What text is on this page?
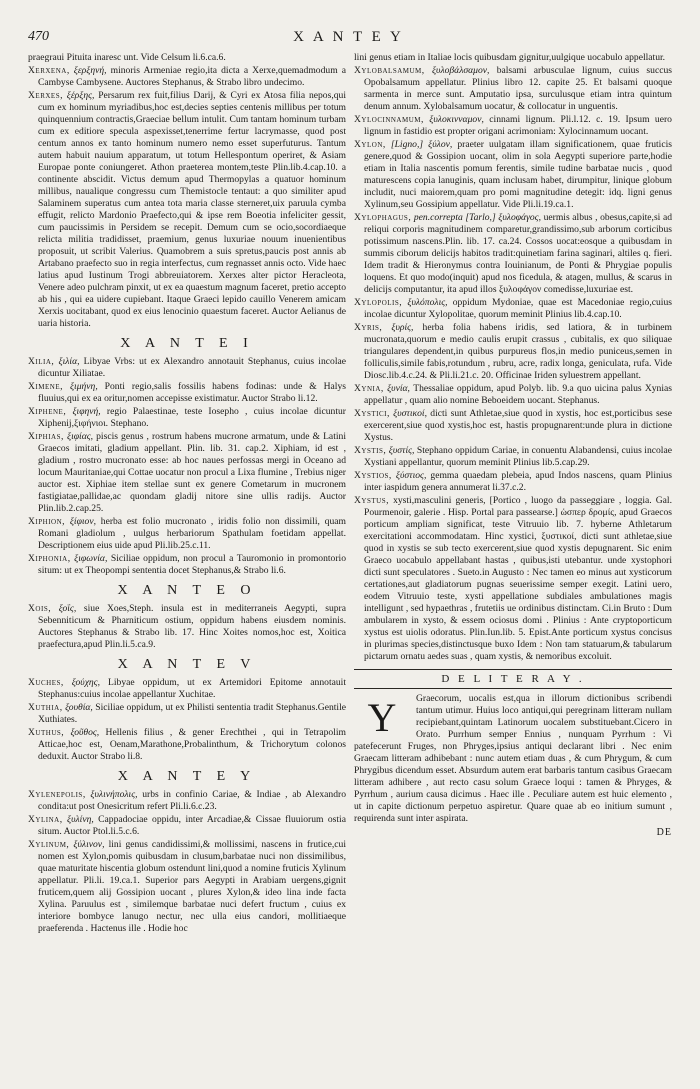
470	X A N T E Y
praegraui Pituita inaresc unt. Vide Celsum li.6.ca.6.
Xerxena, ξερξηνή, minoris Armeniae regio,ita dicta a Xerxe,quemadmodum a Cambyse Cambysene. Auctores Stephanus, & Strabo libro undecimo.
Xerxes, ξέρξης, Persarum rex fuit,filius Darij, & Cyri ex Atosa filia nepos,qui cum ex hominum myriadibus,hoc est,decies septies centenis millibus per totum quinquennium contractis,Graeciae bellum intulit. Cum tantam hominum turbam cum ex editiore specula aspexisset,tenerrime fertur lacrymasse, quod post centum annos ex tanto hominum numero nemo esset superfuturus. Tantum autem habuit nauium apparatum, ut totum Hellespontum operiret, & Asiam Europae ponte coniungeret. Athon praeterea montem,teste Plin.lib.4.cap.10. a continente abscidit. Victus demum apud Thermopylas a quatuor hominum millibus, naualique congressu cum Themistocle tentaut: a quo similiter apud Salaminem superatus cum antea tota maria classe sterneret,uix paruula cymba effugit, relicto Mardonio Praefecto,qui & ipse rem Boeotia infeliciter gessit, cum paucissimis in Persidem se recepit. Demum cum se ocio,socordiaeque relicta militia tradidisset, praemium, genus luxuriae nouum inuenientibus proposuit, ut scribit Valerius. Quamobrem a suis spretus,paucis post annis ab Artabano praefecto suo in regia interfectus, cum regnasset annis octo. Vide haec latius apud Iustinum Trogi abbreuiatorem. Xerxes alter pictor Heracleota, Venere adeo pulchram pinxit, ut ex ea quaestum magnum faceret, pretio accepto ab his , qui ea uidere cupiebant. Itaque Graeci lepido cauillo Venerem amicam Xerxis uocitabant, quod ex eius lenocinio quaestum faceret. Auctor Aelianus de uaria historia.
X A N T E I
Xilia, ξιλία, Libyae Vrbs: ut ex Alexandro annotauit Stephanus, cuius incolae dicuntur Xiliatae.
Ximene, ξιμήνη, Ponti regio,salis fossilis habens fodinas: unde & Halys fluuius,qui ex ea oritur,nomen accepisse existimatur. Auctor Strabo li.12.
Xiphene, ξιφηνή, regio Palaestinae, teste Iosepho , cuius incolae dicuntur Xiphenij,ξιφήνιοι. Stephano.
Xiphias, ξιφίας, piscis genus , rostrum habens mucrone armatum, unde & Latini Graecos imitati, gladium appellant. Plin. lib. 31. cap.2. Xiphiam, id est , gladium , rostro mucronato esse: ab hoc naues perfossas mergi in Oceano ad locum Mauritaniae,qui Cottae uocatur non procul a Lixa flumine , Trebius niger auctor est. Xiphiae item stellae sunt ex genere Cometarum in mucronem fastigiatae,pallidae,ac quondam gladij nitore sine ullis radijs. Auctor Plin.lib.2.cap.25.
Xiphion, ξίφιον, herba est folio mucronato , iridis folio non dissimili, quam Romani gladiolum , uulgus herbariorum Spathulam foetidam appellat. Descriptionem eius uide apud Pli.lib.25.c.11.
Xiphonia, ξιφωνία, Siciliae oppidum, non procul a Tauromonio in promontorio situm: ut ex Theopompi sententia docet Stephanus,& Strabo li.6.
X A N T E O
Xois, ξοΐς, siue Xoes,Steph. insula est in mediterraneis Aegypti, supra Sebenniticum & Pharniticum ostium, oppidum habens eiusdem nominis. Auctores Stephanus & Strabo lib. 17. Hinc Xoites nomos,hoc est, Xoitica praefectura,apud Plin.li.5.ca.9.
X A N T E V
Xuches, ξούχης, Libyae oppidum, ut ex Artemidori Epitome annotauit Stephanus:cuius incolae appellantur Xuchitae.
Xuthia, ξουθία, Siciliae oppidum, ut ex Philisti sententia tradit Stephanus.Gentile Xuthiates.
Xuthus, ξοῦθος, Hellenis filius , & gener Erechthei , qui in Tetrapolim Atticae,hoc est, Oenam,Marathone,Probalinthum, & Trichorytum colonos deduxit. Auctor Strabo li.8.
X A N T E Y
Xylenepolis, ξυλινήπολις, urbs in confinio Cariae, & Indiae , ab Alexandro condita:ut post Onesicritum refert Pli.li.6.c.23.
Xylina, ξυλίνη, Cappadociae oppidu, inter Arcadiae,& Cissae fluuiorum ostia situm. Auctor Ptol.li.5.c.6.
Xylinum, ξύλινον, lini genus candidissimi,& mollissimi, nascens in frutice,cui nomen est Xylon,pomis quibusdam in clusum,barbatae nuci non dissimilibus, quae maturitate hiscentia globum ostendunt lini,quod a nomine fruticis Xylinum appellatur. Pli.li. 19.ca.1. Superior pars Aegypti in Arabiam uergens,gignit fruticem,quem alij Gossipion uocant , plures Xylon,& ideo lina inde facta Xylina. Paruulus est , similemque barbatae nuci defert fructum , cuius ex interiore bombyce lanugo nectur, nec ulla eius candori, mollitiaeque praeferenda . Hactenus ille . Hodie hoc
lini genus etiam in Italiae locis quibusdam gignitur,uulgique uocabulo appellatur.
Xylobalsamum, ξυλοβάλσαμον, balsami arbusculae lignum, cuius succus Opobalsamum appellatur. Plinius libro 12. capite 25. Et balsami quoque sarmenta in merce sunt. Amputatio ipsa, surculusque etiam intra quintum denum annum. Xylobalsamum uocatur, & collocatur in unguentis.
Xylocinnamum, ξυλοκινναμον, cinnami lignum. Pli.l.12. c. 19. Ipsum uero lignum in fastidio est propter origani acrimoniam: Xylocinnamum uocant.
Xylon, [Ligno,] ξύλον, praeter uulgatam illam significationem, quae fruticis genere,quod & Gossipion uocant, olim in sola Aegypti superiore parte,hodie etiam in Italia nascentis pomum ferentis, simile tudine barbatae nucis , quod maturescens copia lanuginis, quam inclusam habet, dirumpitur, linique globum includit, nuci maiorem,quam pro pomi magnitudine detegit: idq. ligni genus Xylinum,seu Gossipium appellatur. Vide Pli.li.19.ca.1.
Xylophagus, pen.correpta [Tarlo,] ξυλοφάγος, uermis albus , obesus,capite,si ad reliqui corporis magnitudinem comparetur,grandissimo,sub arborum corticibus potissimum nascens.Plin. lib. 17. ca.24. Cossos uocat:eosque a quibusdam in summis ciborum delicijs habitos tradit:quinetiam farina saginari, altiles q. fieri. Idem tradit & Hieronymus contra Iouinianum, de Ponti & Phrygiae populis loquens. Et quo modo(inquit) apud nos ficedula, & atagen, mullus, & scarus in delicijs computantur, ita apud illos ξυλοφάγον comedisse,luxuriae est.
Xylopolis, ξυλόπολις, oppidum Mydoniae, quae est Macedoniae regio,cuius incolae dicuntur Xylopolitae, quorum meminit Plinius lib.4.cap.10.
Xyris, ξυρίς, herba folia habens iridis, sed latiora, & in turbinem mucronata,quorum e medio caulis erupit crassus , cubitalis, ex quo siliquae triangulares dependent,in quibus purpureus flos,in medio puniceus,semen in folliculis,simile fabis,rotundum , rubru, acre, radix longa, geniculata, rufa. Vide Diosc.lib.4.c.24. & Pli.li.21.c. 20. Officinae Iriden syluestrem appellant.
Xynia, ξυνία, Thessaliae oppidum, apud Polyb. lib. 9.a quo uicina palus Xynias appellatur , quam alio nomine Beboeidem uocant. Stephanus.
Xystici, ξυστικοί, dicti sunt Athletae,siue quod in xystis, hoc est,porticibus sese exercerent,siue quod xystis,hoc est, hastis propugnarent:unde plura in dictione Xystus.
Xystis, ξυστίς, Stephano oppidum Cariae, in conuentu Alabandensi, cuius incolae Xystiani appellantur, quorum meminit Plinius lib.5.cap.29.
Xystios, ξύστιος, gemma quaedam plebeia, apud Indos nascens, quam Plinius inter iaspidum genera annumerat li.37.c.2.
Xystus, xysti,masculini generis, [Portico , luogo da passeggiare , loggia. Gal. Pourmenoir, galerie . Hisp. Portal para passearse.] ὡσπερ δρομίς, apud Graecos porticum ampliam significat, teste Vitruuio lib. 7. hyberne Athletarum exercitationi accommodatam. Hinc xystici, ξυστικοί, dicti sunt athletae,siue quod in xystis se sub tecto exercerent,siue quod xystis depugnarent. Sic enim Graeco uocabulo appellabant hastas , quibus,isti utebantur. unde xystophori dicti sunt speculatores . Sueto.in Augusto : Nec tamen eo minus aut xysticorum certationes,aut gladiatorum pugnas seuerissime semper exegit. Latini uero, eodem Vitruuio teste, xysti appellatione subdiales ambulationes magis intelligunt , sed hypaethras , frutetiis ue ordinibus distinctam. Ci.in Bruto : Dum ambularem in xysto, & essem ociosus domi . Plinius : Ante cryptoporticum xystus est uiolis odoratus. Plin.Iun.lib. 5. Epist.Ante porticum xystus concisus in plurimas species,distinctusque buxo Idem : Non tam statuarum,& tabularum pictarum ornatu aedes suas , quam xystis, & nemoribus excoluit.
D E L I T E R A Y .
Y	Graecorum, uocalis est,qua in illorum dictionibus scribendi tantum utimur. Huius loco antiqui,qui peregrinam litteram nullam recipiebant,quintam Latinorum uocalem substituebant.Cicero in Orato. Purrhum semper Ennius , nunquam Pyrrhum : Vi patefecerunt Fruges, non Phryges,ipsius antiqui declarant libri . Nec enim Graecam litteram adhibebant : nunc autem etiam duas , & cum Phrygum, & cum Phrygibus dicendum esset. Absurdum autem erat barbaris tantum casibus Graecam litteram adhibere , aut recto casu solum Graece loqui : tamen & Phryges, & Pyrrhum , aurium causa dicimus . Haec ille . Peculiare autem est huic elemento , ut in capite dictionum perpetuo aspiretur. Quare quae ab eo initium sumunt , requirenda sunt inter aspirata.
DE
